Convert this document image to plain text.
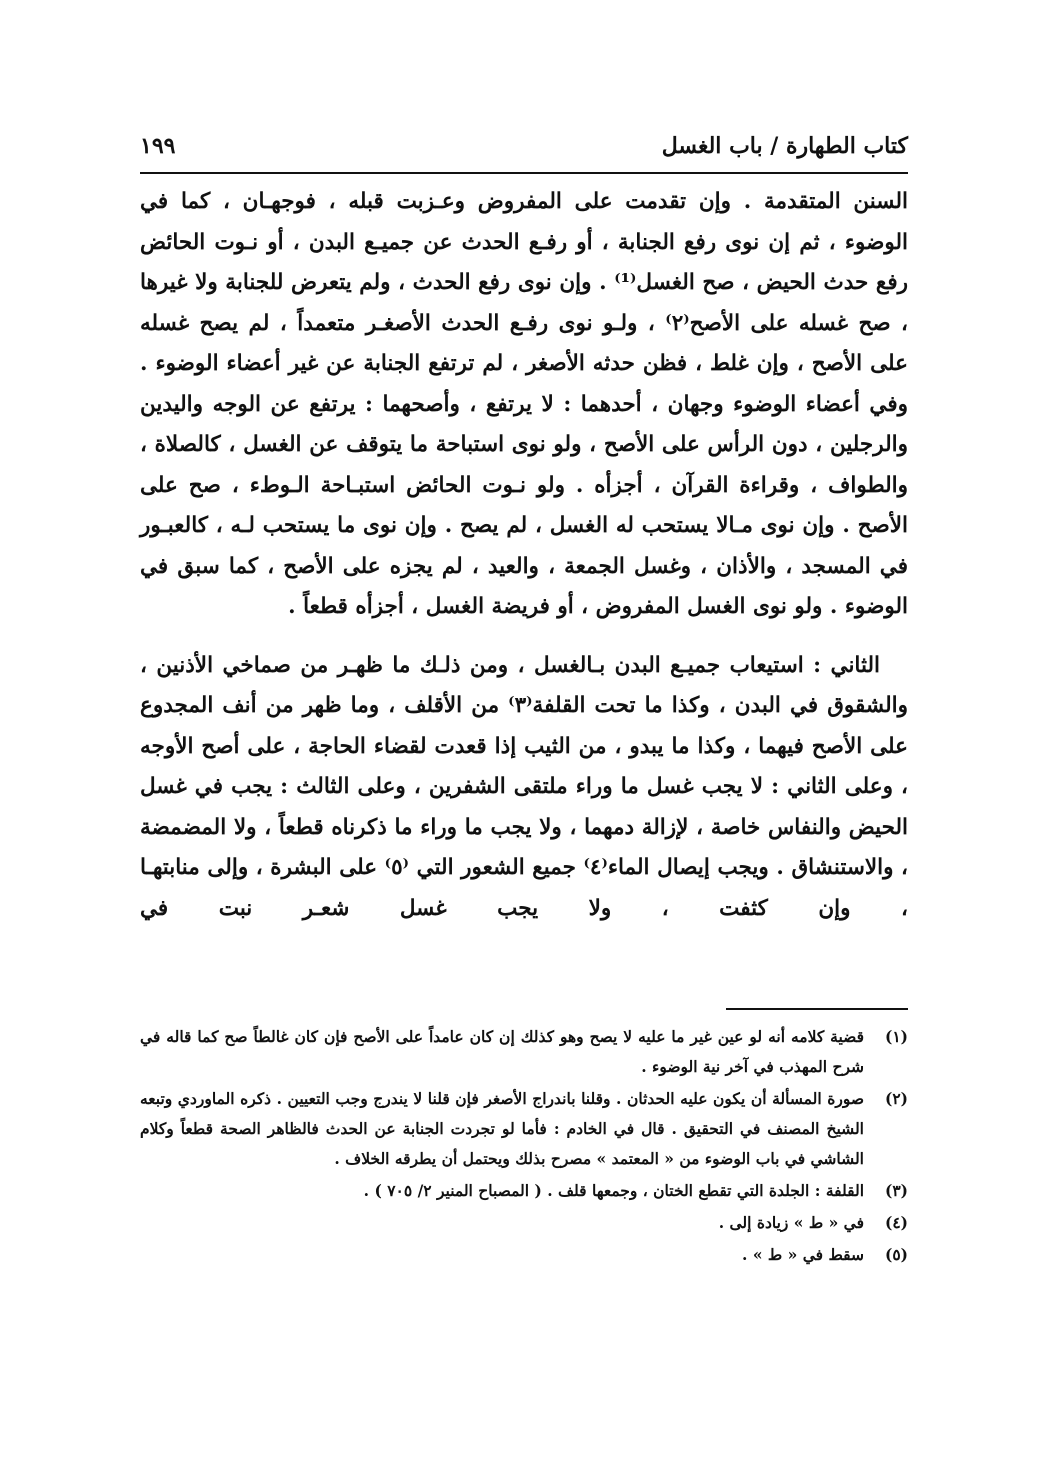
كتاب الطهارة / باب الغسل
١٩٩

السنن المتقدمة . وإن تقدمت على المفروض وعـزبت قبله ، فوجهـان ، كما في الوضوء ، ثم إن نوى رفع الجنابة ، أو رفـع الحدث عن جميـع البدن ، أو نـوت الحائض رفع حدث الحيض ، صح الغسل⁽¹⁾ . وإن نوى رفع الحدث ، ولم يتعرض للجنابة ولا غيرها ، صح غسله على الأصح⁽٢⁾ ، ولـو نوى رفـع الحدث الأصغـر متعمداً ، لم يصح غسله على الأصح ، وإن غلط ، فظن حدثه الأصغر ، لم ترتفع الجنابة عن غير أعضاء الوضوء . وفي أعضاء الوضوء وجهان ، أحدهما : لا يرتفع ، وأصحهما : يرتفع عن الوجه واليدين والرجلين ، دون الرأس على الأصح ، ولو نوى استباحة ما يتوقف عن الغسل ، كالصلاة ، والطواف ، وقراءة القرآن ، أجزأه . ولو نـوت الحائض استبـاحة الـوطء ، صح على الأصح . وإن نوى مـالا يستحب له الغسل ، لم يصح . وإن نوى ما يستحب لـه ، كالعبـور في المسجد ، والأذان ، وغسل الجمعة ، والعيد ، لم يجزه على الأصح ، كما سبق في الوضوء . ولو نوى الغسل المفروض ، أو فريضة الغسل ، أجزأه قطعاً .

الثاني : استيعاب جميـع البدن بـالغسل ، ومن ذلـك ما ظهـر من صماخي الأذنين ، والشقوق في البدن ، وكذا ما تحت القلفة⁽٣⁾ من الأقلف ، وما ظهر من أنف المجدوع على الأصح فيهما ، وكذا ما يبدو ، من الثيب إذا قعدت لقضاء الحاجة ، على أصح الأوجه ، وعلى الثاني : لا يجب غسل ما وراء ملتقى الشفرين ، وعلى الثالث : يجب في غسل الحيض والنفاس خاصة ، لإزالة دمهما ، ولا يجب ما وراء ما ذكرناه قطعاً ، ولا المضمضة ، والاستنشاق . ويجب إيصال الماء⁽٤⁾ جميع الشعور التي ⁽٥⁾ على البشرة ، وإلى منابتهـا ، وإن كثفت ، ولا يجب غسل شعـر نبت في

(١)
قضية كلامه أنه لو عين غير ما عليه لا يصح وهو كذلك إن كان عامداً على الأصح فإن كان غالطاً صح كما قاله في شرح المهذب في آخر نية الوضوء .
(٢)
صورة المسألة أن يكون عليه الحدثان . وقلنا باندراج الأصغر فإن قلنا لا يندرج وجب التعيين . ذكره الماوردي وتبعه الشيخ المصنف في التحقيق . قال في الخادم : فأما لو تجردت الجنابة عن الحدث فالظاهر الصحة قطعاً وكلام الشاشي في باب الوضوء من « المعتمد » مصرح بذلك ويحتمل أن يطرقه الخلاف .
(٣)
القلفة : الجلدة التي تقطع الختان ، وجمعها قلف . ( المصباح المنير ٢/ ٧٠٥ ) .
(٤)
في « ط » زيادة إلى .
(٥)
سقط في « ط » .
